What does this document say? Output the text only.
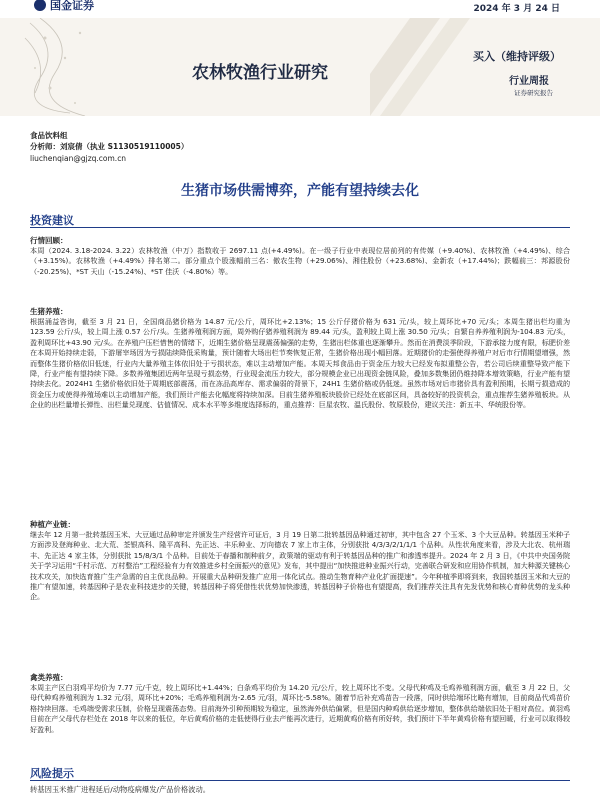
国金证券	2024 年 3 月 24 日
农林牧渔行业研究
买入（维持评级）
行业周报
证券研究报告
食品饮料组
分析师：刘宸倩（执业 S1130519110005）
liuchenqian@gjzq.com.cn
生猪市场供需博弈，产能有望持续去化
投资建议
行情回顾：
本周（2024. 3.18-2024. 3.22）农林牧渔（中万）指数收于 2697.11 点(+4.49%)。在一级子行业中表现位居前列的有传媒（+9.40%)、农林牧渔（+4.49%)、综合（+3.15%)。农林牧渔（+4.49%）排名第二。部分重点个股涨幅前三名：傲农生物（+29.06%)、湘佳股份（+23.68%)、金新农（+17.44%)；跌幅前三：邦源股份（-20.25%)、*ST 天山（-15.24%)、*ST 佳沃（-4.80%）等。
生猪养殖：
根据涌益咨询，截至 3 月 21 日，全国商品猪价格为 14.87 元/公斤，周环比+2.13%；15 公斤仔猪价格为 631 元/头，较上周环比+70 元/头；本周生猪出栏均重为 123.59 公斤/头，较上周上涨 0.57 公斤/头。生猪养殖利润方面，周外购仔猪养殖利润为 89.44 元/头，盈利较上周上涨 30.50 元/头；自繁自养养殖利润为-104.83 元/头，盈利周环比+43.90 元/头。在养殖户压栏惜售的情绪下，近期生猪价格呈现震荡偏强的走势，生猪出栏体重也逐渐攀升。然而在消费淡季阶段，下游承接力度有限，标肥价差在本周开始持续走弱，下游屠宰场因为亏损陆续降低采购量，预计随着大场出栏节奏恢复正常，生猪价格出现小幅回落。近期猪价的走强使得养殖户对后市行情期望增强，然而整体生猪价格依旧低迷，行业内大量养殖主体依旧处于亏损状态，难以主动增加产能。本周天邦食品由于资金压力较大已经发布拟重整公告，若公司后续重整导致产能下降，行业产能有望持续下降。多数养殖集团近两年呈现亏损态势，行业现金流压力较大，部分规模企业已出现资金链风险，叠加多数集团仍维持降本增效策略，行业产能有望持续去化。2024H1 生猪价格依旧处于周期底部震荡，而在冻品高库存、需求偏弱的背景下，24H1 生猪价格或仍低迷。虽然市场对后市猪价具有盈利预期，长期亏损造成的资金压力或使得养殖场难以主动增加产能，我们预计产能去化幅度将持续加深。目前生猪养殖板块股价已经处在底部区间，具备较好的投资机会，重点推荐生猪养殖板块。从企业的出栏量增长弹性、出栏量兑现度、估值情况、成本水平等多维度选择标的，重点推荐：巨星农牧、温氏股份、牧原股份，建议关注：新五丰、华统股份等。
种植产业链：
继去年 12 月第一批转基因玉米、大豆通过品种审定并颁发生产经营许可证后，3 月 19 日第二批转基因品种通过初审，其中包含 27 个玉米、3 个大豆品种。转基因玉米种子方面涉及登海种业、北大荒、荃银高科、隆平高科、先正达、丰乐种业、万向德农 7 家上市主体，分别获批 4/3/3/2/1/1/1 个品种。从性状角度来看，涉及大北农、杭州瑞丰、先正达 4 家主体，分别获批 15/8/3/1 个品种。目前处于春播和制种前夕，政策端的驱动有利于转基因品种的推广和渗透率提升。2024 年 2 月 3 日，《中共中央国务院关于学习运用“千村示范、万村整治”工程经验有力有效推进乡村全面振兴的意见》发布，其中提出“加快推进种业振兴行动，完善联合研发和应用协作机制，加大种源关键核心技术攻关，加快选育推广生产急需的自主优良品种。开展重大品种研发推广应用一体化试点。推动生物育种产业化扩面提速”。今年种植季即将到来，我国转基因玉米和大豆的推广有望加速，转基因种子是农业科技进步的关键，转基因种子将凭借性状优势加快渗透，转基因种子价格也有望提高，我们推荐关注具有先发优势和核心育种优势的龙头种企。
禽类养殖：
本周主产区白羽鸡平均价为 7.77 元/千克，较上周环比+1.44%；白条鸡平均价为 14.20 元/公斤，较上周环比不变。父母代种鸡及毛鸡养殖利润方面，截至 3 月 22 日，父母代种鸡养殖利润为 1.32 元/羽，周环比+20%；毛鸡养殖利润为-2.65 元/羽，周环比-5.58%。随着节后补充鸡苗告一段落，同时供给端环比略有增加，目前商品代鸡苗价格持续回落。毛鸡端受需求压制，价格呈现震荡态势。目前海外引种预期较为稳定，虽然海外供给偏紧，但是国内种鸡供给逐步增加，整体供给端依旧处于相对高位。黄羽鸡目前在产父母代存栏处在 2018 年以来的低位，年后黄鸡价格的走低使得行业去产能再次进行，近期黄鸡价格有所好转，我们预计下半年黄鸡价格有望回暖，行业可以取得较好盈利。
风险提示
转基因玉米推广进程延后/动物疫病爆发/产品价格波动。
